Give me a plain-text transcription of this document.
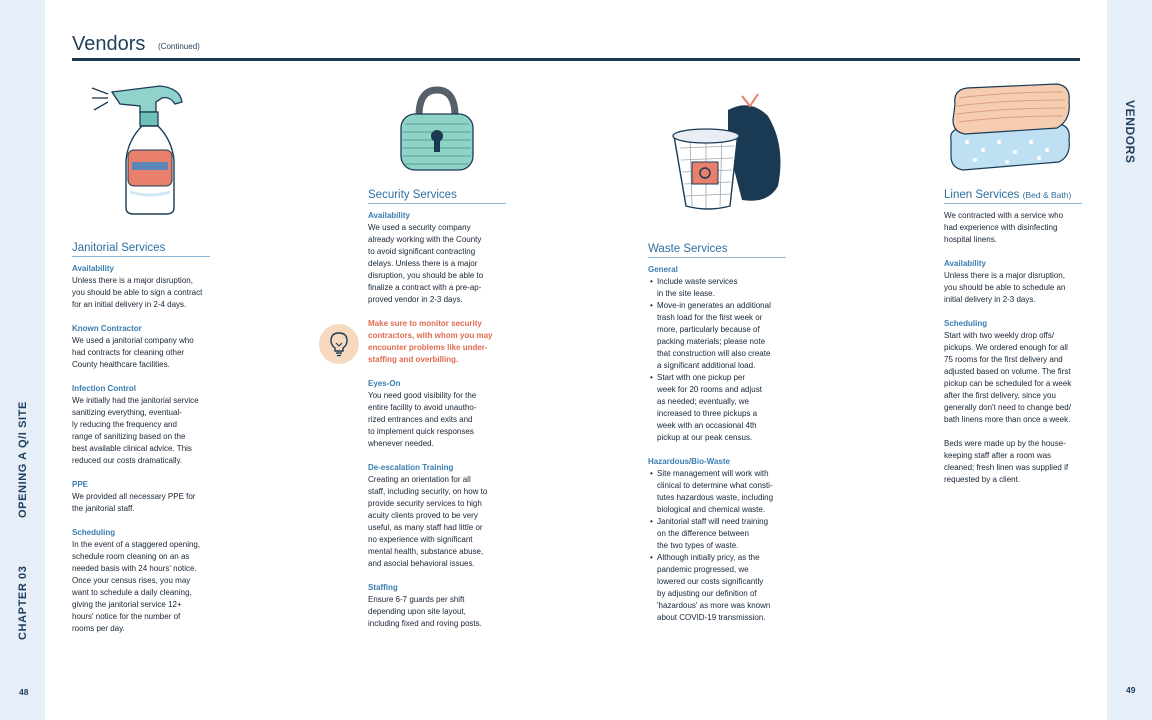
CHAPTER 03
OPENING A Q/I SITE
48
VENDORS
49
Vendors (Continued)
Janitorial Services
Availability

Unless there is a major disruption,

you should be able to sign a contract

for an initial delivery in 2-4 days.

Known Contractor

We used a janitorial company who

had contracts for cleaning other

County healthcare facilities.

Infection Control

We initially had the janitorial service

sanitizing everything, eventual-

ly reducing the frequency and

range of sanitizing based on the

best available clinical advice. This

reduced our costs dramatically.

PPE

We provided all necessary PPE for

the janitorial staff.

Scheduling

In the event of a staggered opening,

schedule room cleaning on an as

needed basis with 24 hours' notice.

Once your census rises, you may

want to schedule a daily cleaning,

giving the janitorial service 12+

hours' notice for the number of

rooms per day.

Security Services
Availability

We used a security company

already working with the County

to avoid significant contracting

delays. Unless there is a major

disruption, you should be able to

finalize a contract with a pre-ap-

proved vendor in 2-3 days.

Make sure to monitor security

contractors, with whom you may

encounter problems like under-

staffing and overbilling.

Eyes-On

You need good visibility for the

entire facility to avoid unautho-

rized entrances and exits and

to implement quick responses

whenever needed.

De-escalation Training

Creating an orientation for all

staff, including security, on how to

provide security services to high

acuity clients proved to be very

useful, as many staff had little or

no experience with significant

mental health, substance abuse,

and asocial behavioral issues.

Staffing

Ensure 6-7 guards per shift

depending upon site layout,

including fixed and roving posts.

Waste Services
General
• Include waste services
in the site lease.
• Move-in generates an additional
trash load for the first week or
more, particularly because of
packing materials; please note
that construction will also create
a significant additional load.
• Start with one pickup per
week for 20 rooms and adjust
as needed; eventually, we
increased to three pickups a
week with an occasional 4th
pickup at our peak census.
Hazardous/Bio-Waste
• Site management will work with
clinical to determine what consti-
tutes hazardous waste, including
biological and chemical waste.
• Janitorial staff will need training
on the difference between
the two types of waste.
• Although initially pricy, as the
pandemic progressed, we
lowered our costs significantly
by adjusting our definition of
'hazardous' as more was known
about COVID-19 transmission.
Linen Services (Bed & Bath)

We contracted with a service who

had experience with disinfecting

hospital linens.

Availability

Unless there is a major disruption,

you should be able to schedule an

initial delivery in 2-3 days.

Scheduling

Start with two weekly drop offs/

pickups. We ordered enough for all

75 rooms for the first delivery and

adjusted based on volume. The first

pickup can be scheduled for a week

after the first delivery, since you

generally don't need to change bed/

bath linens more than once a week.

Beds were made up by the house-

keeping staff after a room was

cleaned; fresh linen was supplied if

requested by a client.
